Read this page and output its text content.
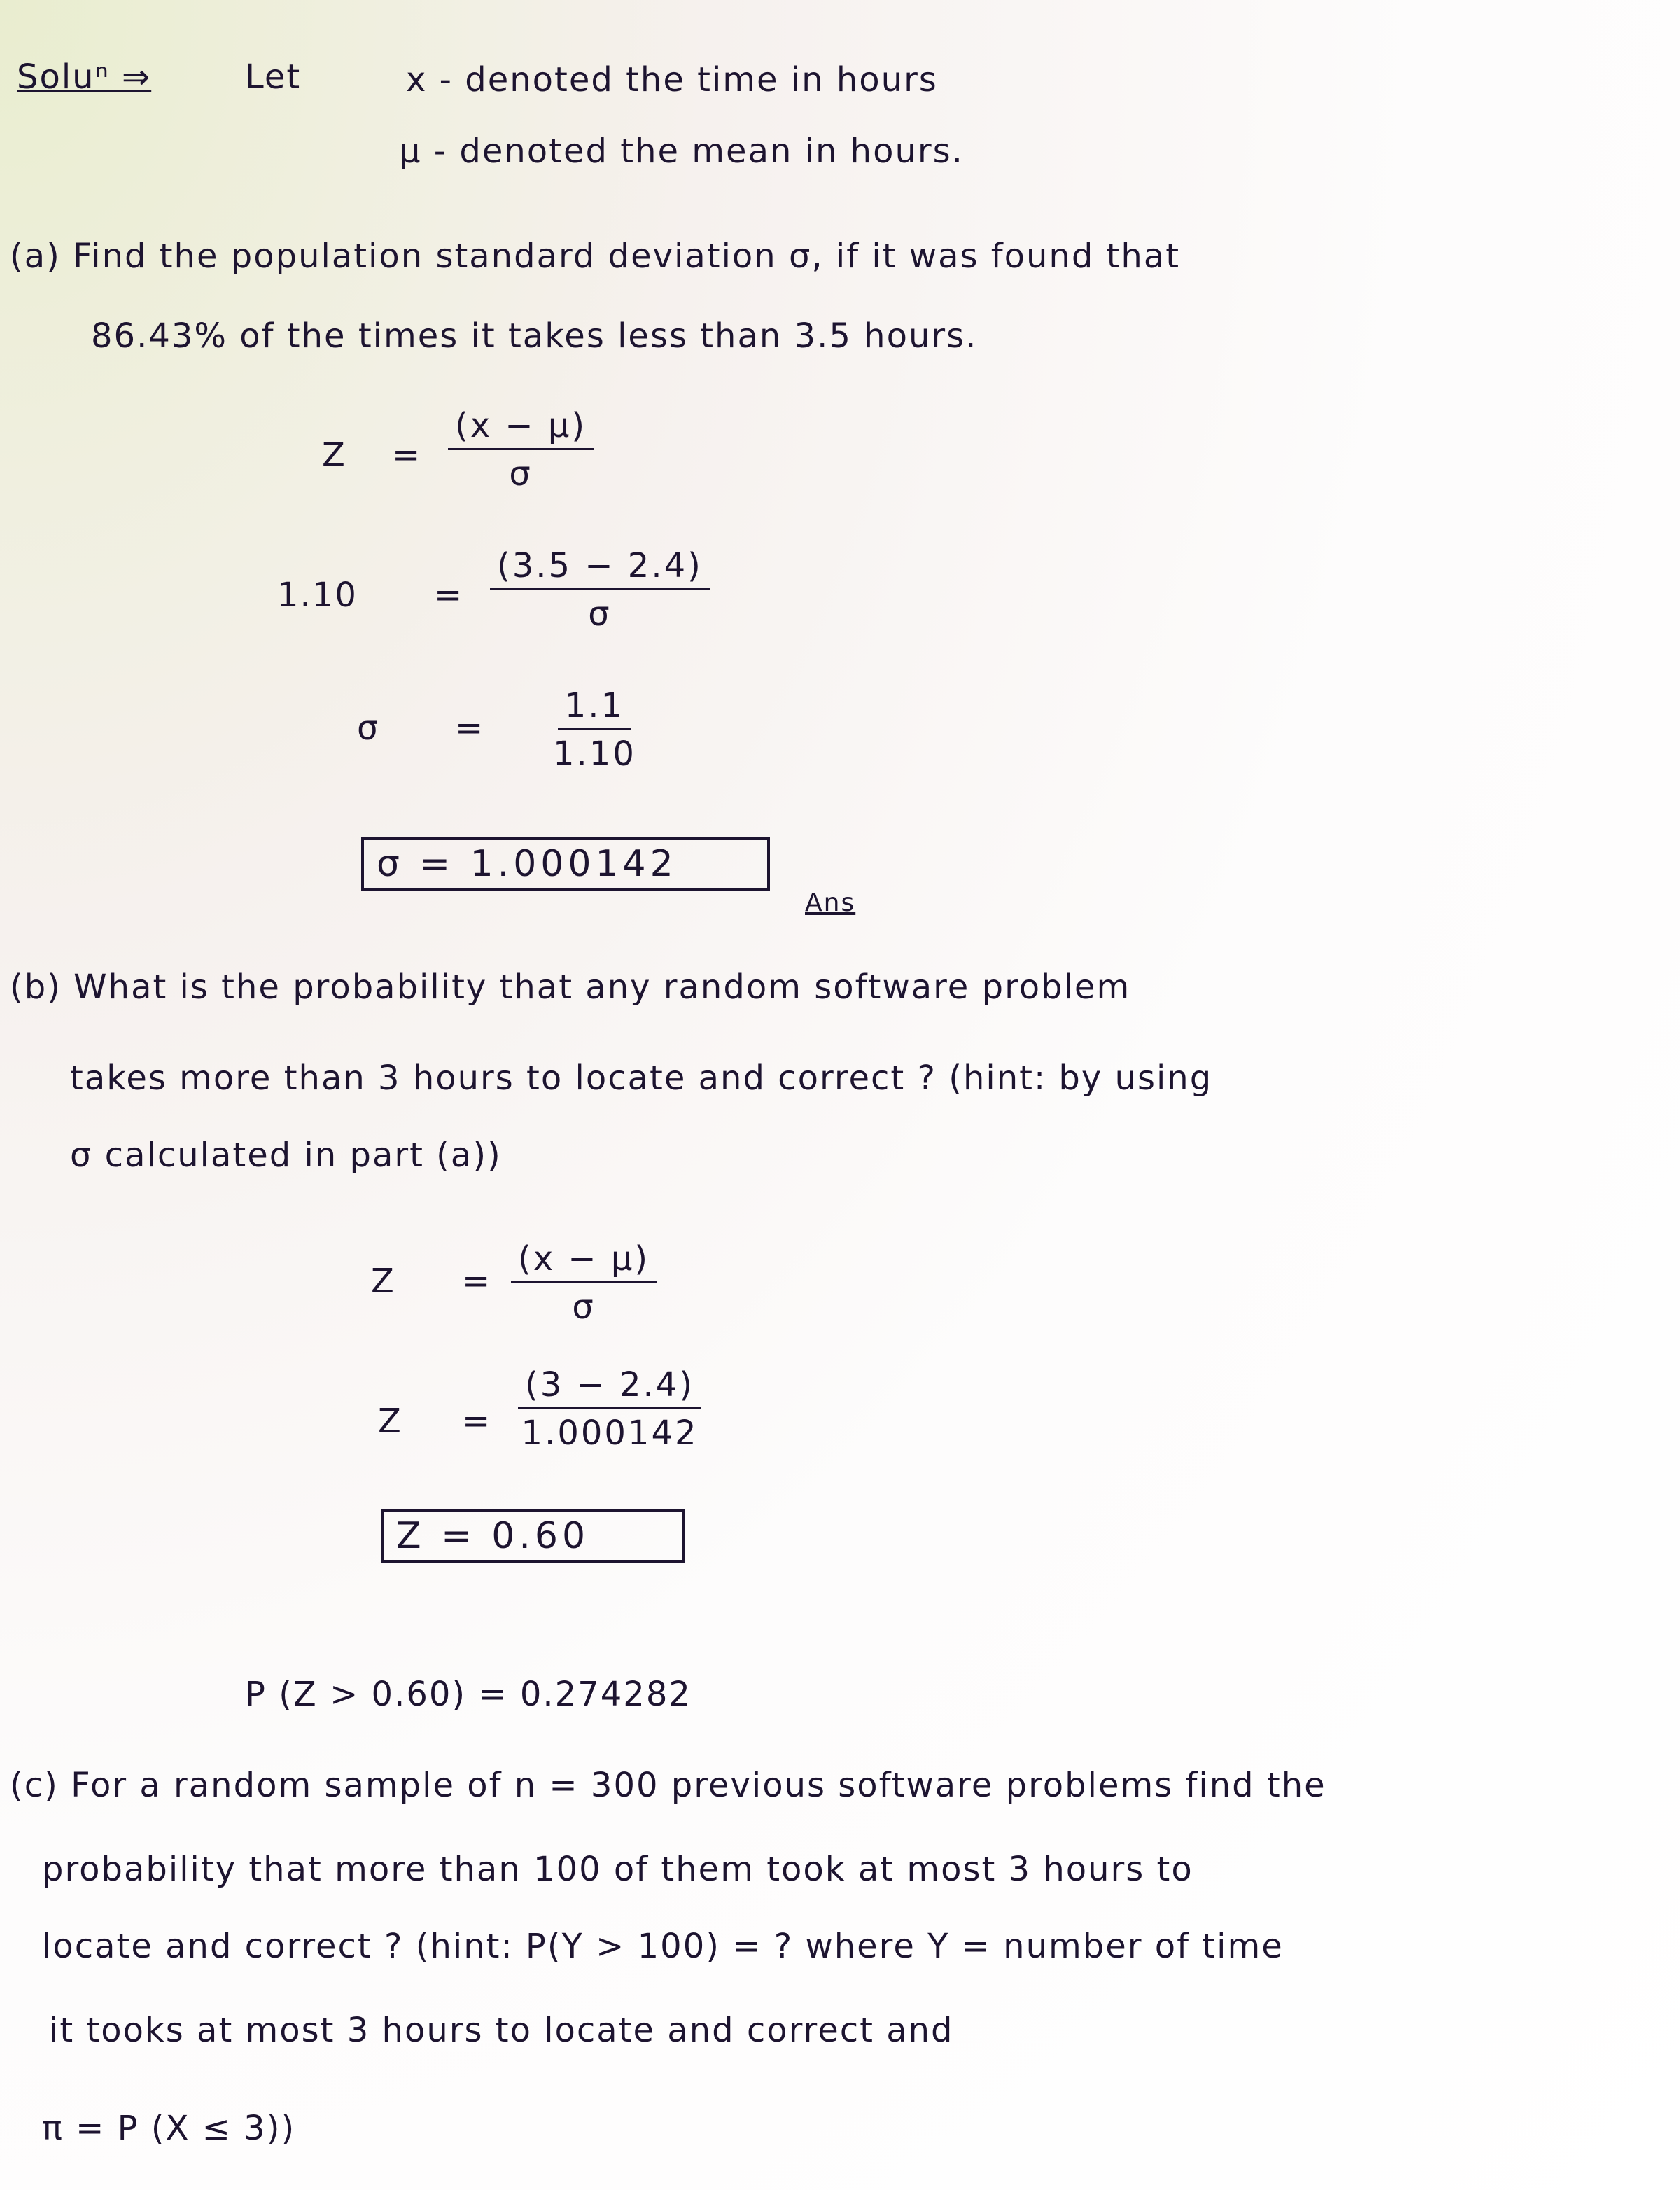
Soluⁿ ⇒	Let	x - denoted the time in hours
μ - denoted the mean in hours.
(a) Find the population standard deviation σ, if it was found that
86.43% of the times it takes less than 3.5 hours.
$Z = \frac{(x - \mu)}{\sigma}$
$1.10 = \frac{(3.5 - 2.4)}{\sigma}$
$\sigma = \frac{1.1}{1.10}$
σ = 1.000142
Ans
(b) What is the probability that any random software problem
takes more than 3 hours to locate and correct ? (hint: by using
σ calculated in part (a))
$Z = \frac{(x - \mu)}{\sigma}$
$Z = \frac{(3 - 2.4)}{1.000142}$
Z = 0.60
P (Z > 0.60) = 0.274282
(c) For a random sample of n = 300 previous software problems find the
probability that more than 100 of them took at most 3 hours to
locate and correct ? (hint: P(Y > 100) = ? where Y = number of time
it tooks at most 3 hours to locate and correct and
π = P (X ≤ 3))
